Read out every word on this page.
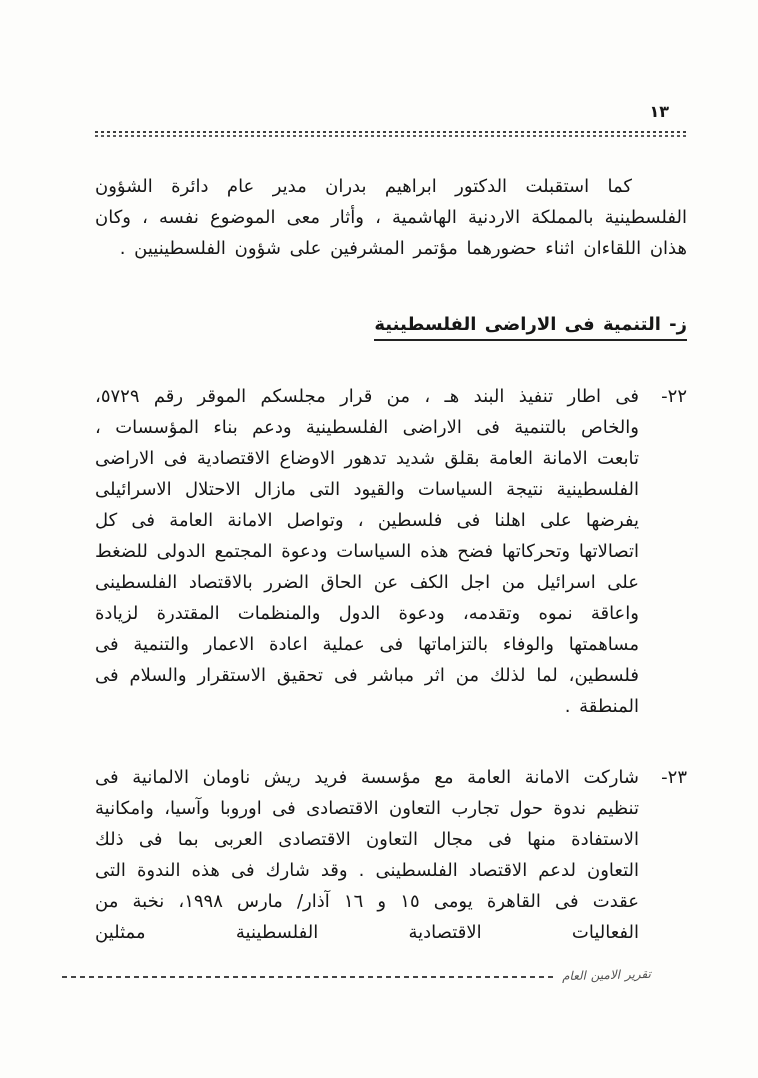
١٣

كما استقبلت الدكتور ابراهيم بدران مدير عام دائرة الشؤون الفلسطينية بالمملكة الاردنية الهاشمية ، وأثار معى الموضوع نفسه ، وكان هذان اللقاءان اثناء حضورهما مؤتمر المشرفين على شؤون الفلسطينيين .

ز- التنمية فى الاراضى الفلسطينية
٢٢-

فى اطار تنفيذ البند هـ ، من قرار مجلسكم الموقر رقم ٥٧٢٩، والخاص بالتنمية فى الاراضى الفلسطينية ودعم بناء المؤسسات ، تابعت الامانة العامة بقلق شديد تدهور الاوضاع الاقتصادية فى الاراضى الفلسطينية نتيجة السياسات والقيود التى مازال الاحتلال الاسرائيلى يفرضها على اهلنا فى فلسطين ، وتواصل الامانة العامة فى كل اتصالاتها وتحركاتها فضح هذه السياسات ودعوة المجتمع الدولى للضغط على اسرائيل من اجل الكف عن الحاق الضرر بالاقتصاد الفلسطينى واعاقة نموه وتقدمه، ودعوة الدول والمنظمات المقتدرة لزيادة مساهمتها والوفاء بالتزاماتها فى عملية اعادة الاعمار والتنمية فى فلسطين، لما لذلك من اثر مباشر فى تحقيق الاستقرار والسلام فى المنطقة .

٢٣-

شاركت الامانة العامة مع مؤسسة فريد ريش ناومان الالمانية فى تنظيم ندوة حول تجارب التعاون الاقتصادى فى اوروبا وآسيا، وامكانية الاستفادة منها فى مجال التعاون الاقتصادى العربى بما فى ذلك التعاون لدعم الاقتصاد الفلسطينى . وقد شارك فى هذه الندوة التى عقدت فى القاهرة يومى ١٥ و ١٦ آذار/ مارس ١٩٩٨، نخبة من الفعاليات الاقتصادية الفلسطينية ممثلين

تقرير الامين العام
